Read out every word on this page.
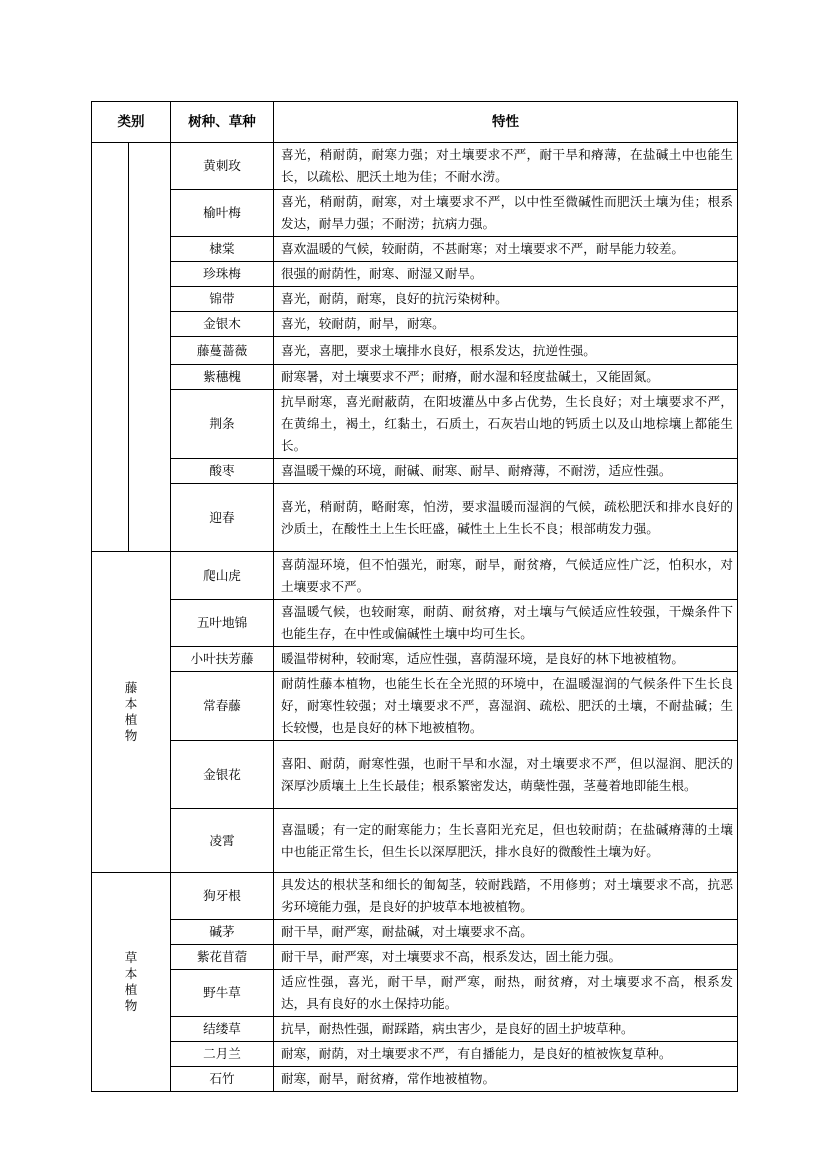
类别		树种、草种	特性
		黄刺玫	喜光，稍耐荫，耐寒力强；对土壤要求不严，耐干旱和瘠薄，在盐碱土中也能生长，以疏松、肥沃土地为佳；不耐水涝。
		榆叶梅	喜光，稍耐荫，耐寒，对土壤要求不严，以中性至微碱性而肥沃土壤为佳；根系发达，耐旱力强；不耐涝；抗病力强。
		棣棠	喜欢温暖的气候，较耐荫，不甚耐寒；对土壤要求不严，耐旱能力较差。
		珍珠梅	很强的耐荫性，耐寒、耐湿又耐旱。
		锦带	喜光，耐荫，耐寒，良好的抗污染树种。
		金银木	喜光，较耐荫，耐旱，耐寒。
		藤蔓蔷薇	喜光，喜肥，要求土壤排水良好，根系发达，抗逆性强。
		紫穗槐	耐寒暑，对土壤要求不严；耐瘠，耐水湿和轻度盐碱土，又能固氮。
		荆条	抗旱耐寒，喜光耐蔽荫，在阳坡灌丛中多占优势，生长良好；对土壤要求不严，在黄绵土，褐土，红黏土，石质土，石灰岩山地的钙质土以及山地棕壤上都能生长。
		酸枣	喜温暖干燥的环境，耐碱、耐寒、耐旱、耐瘠薄，不耐涝，适应性强。
		迎春	喜光，稍耐荫，略耐寒，怕涝，要求温暖而湿润的气候，疏松肥沃和排水良好的沙质土，在酸性土上生长旺盛，碱性土上生长不良；根部萌发力强。
藤本植物		爬山虎	喜荫湿环境，但不怕强光，耐寒，耐旱，耐贫瘠，气候适应性广泛，怕积水，对土壤要求不严。
		五叶地锦	喜温暖气候，也较耐寒，耐荫、耐贫瘠，对土壤与气候适应性较强，干燥条件下也能生存，在中性或偏碱性土壤中均可生长。
		小叶扶芳藤	暖温带树种，较耐寒，适应性强，喜荫湿环境，是良好的林下地被植物。
		常春藤	耐荫性藤本植物，也能生长在全光照的环境中，在温暖湿润的气候条件下生长良好，耐寒性较强；对土壤要求不严，喜湿润、疏松、肥沃的土壤，不耐盐碱；生长较慢，也是良好的林下地被植物。
		金银花	喜阳、耐荫，耐寒性强，也耐干旱和水湿，对土壤要求不严，但以湿润、肥沃的深厚沙质壤土上生长最佳；根系繁密发达，萌蘖性强，茎蔓着地即能生根。
		凌霄	喜温暖；有一定的耐寒能力；生长喜阳光充足，但也较耐荫；在盐碱瘠薄的土壤中也能正常生长，但生长以深厚肥沃，排水良好的微酸性土壤为好。
草本植物		狗牙根	具发达的根状茎和细长的匍匐茎，较耐践踏，不用修剪；对土壤要求不高，抗恶劣环境能力强，是良好的护坡草本地被植物。
		碱茅	耐干旱，耐严寒，耐盐碱，对土壤要求不高。
		紫花苜蓿	耐干旱，耐严寒，对土壤要求不高，根系发达，固土能力强。
		野牛草	适应性强，喜光，耐干旱，耐严寒，耐热，耐贫瘠，对土壤要求不高，根系发达，具有良好的水土保持功能。
		结缕草	抗旱，耐热性强，耐踩踏，病虫害少，是良好的固土护坡草种。
		二月兰	耐寒，耐荫，对土壤要求不严，有自播能力，是良好的植被恢复草种。
		石竹	耐寒，耐旱，耐贫瘠，常作地被植物。
